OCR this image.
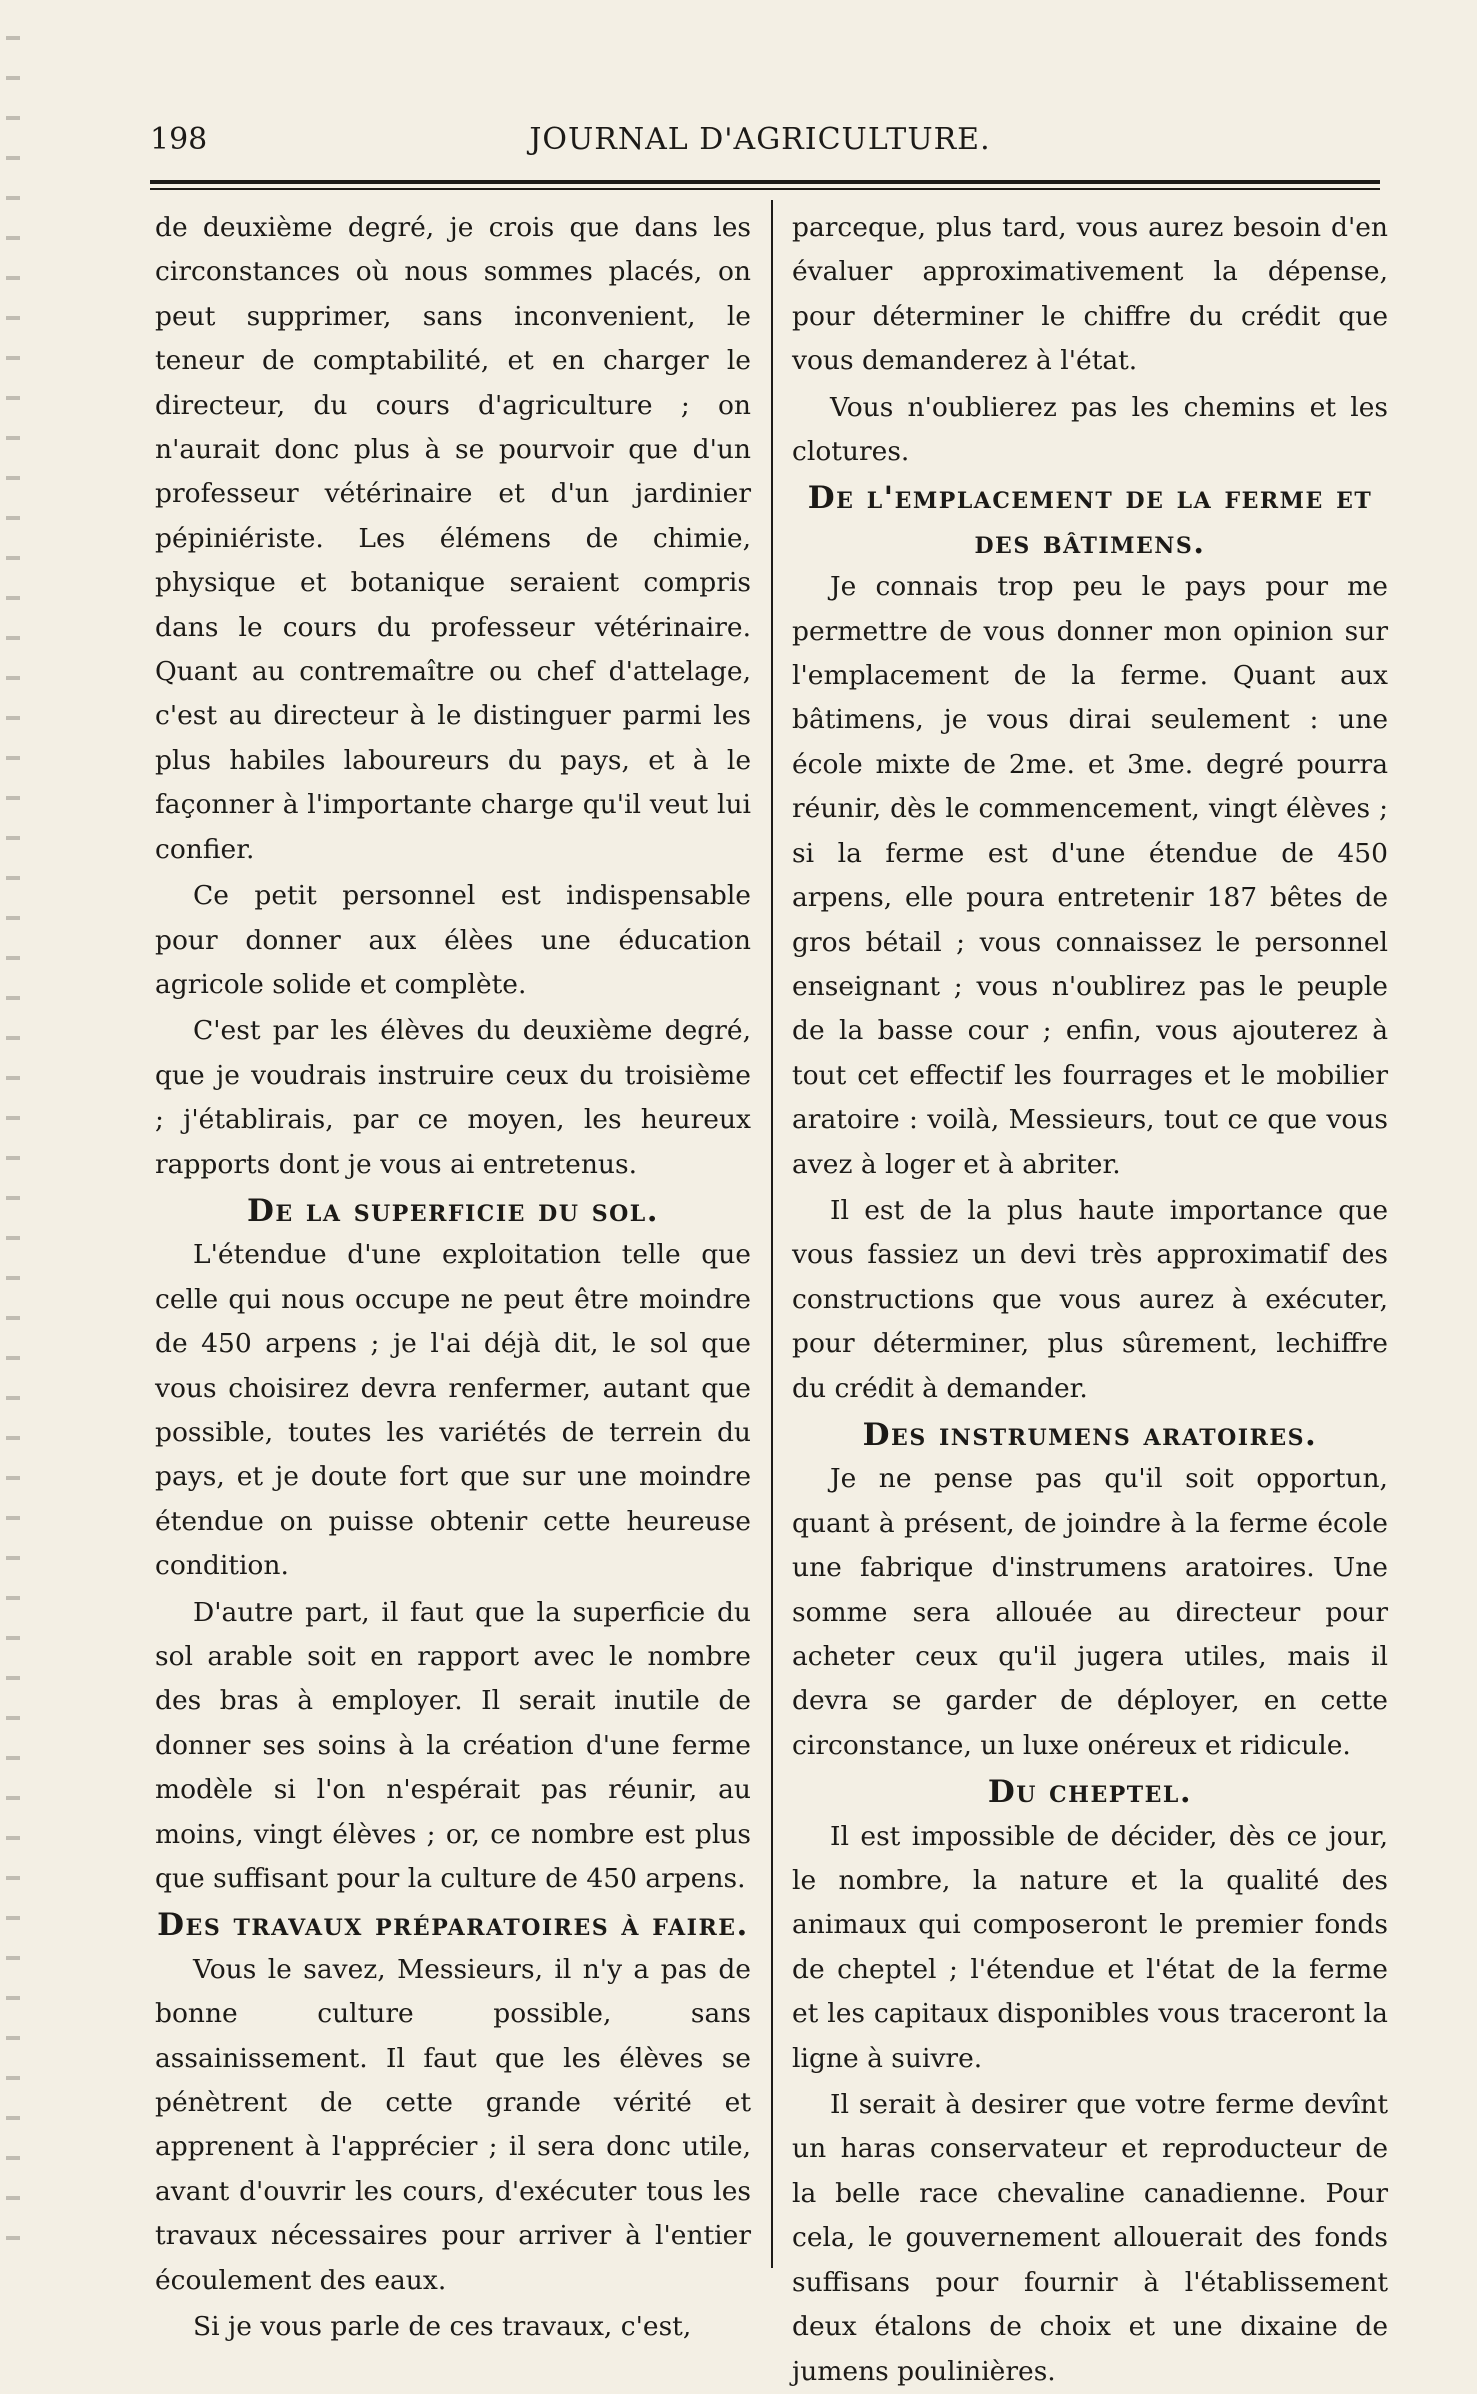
198	JOURNAL D'AGRICULTURE.

de deuxième degré, je crois que dans les circonstances où nous sommes placés, on peut supprimer, sans inconvenient, le teneur de comptabilité, et en charger le directeur, du cours d'agriculture ; on n'aurait donc plus à se pourvoir que d'un professeur vétérinaire et d'un jardinier pépiniériste. Les élémens de chimie, physique et botanique seraient compris dans le cours du professeur vétérinaire. Quant au contremaître ou chef d'attelage, c'est au directeur à le distinguer parmi les plus habiles laboureurs du pays, et à le façonner à l'importante charge qu'il veut lui confier.

Ce petit personnel est indispensable pour donner aux élèes une éducation agricole solide et complète.

C'est par les élèves du deuxième degré, que je voudrais instruire ceux du troisième ; j'établirais, par ce moyen, les heureux rapports dont je vous ai entretenus.

De la superficie du sol.

L'étendue d'une exploitation telle que celle qui nous occupe ne peut être moindre de 450 arpens ; je l'ai déjà dit, le sol que vous choisirez devra renfermer, autant que possible, toutes les variétés de terrein du pays, et je doute fort que sur une moindre étendue on puisse obtenir cette heureuse condition.

D'autre part, il faut que la superficie du sol arable soit en rapport avec le nombre des bras à employer. Il serait inutile de donner ses soins à la création d'une ferme modèle si l'on n'espérait pas réunir, au moins, vingt élèves ; or, ce nombre est plus que suffisant pour la culture de 450 arpens.

Des travaux préparatoires à faire.

Vous le savez, Messieurs, il n'y a pas de bonne culture possible, sans assainissement. Il faut que les élèves se pénètrent de cette grande vérité et apprenent à l'apprécier ; il sera donc utile, avant d'ouvrir les cours, d'exécuter tous les travaux nécessaires pour arriver à l'entier écoulement des eaux.

Si je vous parle de ces travaux, c'est,

parceque, plus tard, vous aurez besoin d'en évaluer approximativement la dépense, pour déterminer le chiffre du crédit que vous demanderez à l'état.

Vous n'oublierez pas les chemins et les clotures.

De l'emplacement de la ferme et des bâtimens.

Je connais trop peu le pays pour me permettre de vous donner mon opinion sur l'emplacement de la ferme. Quant aux bâtimens, je vous dirai seulement : une école mixte de 2me. et 3me. degré pourra réunir, dès le commencement, vingt élèves ; si la ferme est d'une étendue de 450 arpens, elle poura entretenir 187 bêtes de gros bétail ; vous connaissez le personnel enseignant ; vous n'oublirez pas le peuple de la basse cour ; enfin, vous ajouterez à tout cet effectif les fourrages et le mobilier aratoire : voilà, Messieurs, tout ce que vous avez à loger et à abriter.

Il est de la plus haute importance que vous fassiez un devi très approximatif des constructions que vous aurez à exécuter, pour déterminer, plus sûrement, lechiffre du crédit à demander.

Des instrumens aratoires.

Je ne pense pas qu'il soit opportun, quant à présent, de joindre à la ferme école une fabrique d'instrumens aratoires. Une somme sera allouée au directeur pour acheter ceux qu'il jugera utiles, mais il devra se garder de déployer, en cette circonstance, un luxe onéreux et ridicule.

Du cheptel.

Il est impossible de décider, dès ce jour, le nombre, la nature et la qualité des animaux qui composeront le premier fonds de cheptel ; l'étendue et l'état de la ferme et les capitaux disponibles vous traceront la ligne à suivre.

Il serait à desirer que votre ferme devînt un haras conservateur et reproducteur de la belle race chevaline canadienne. Pour cela, le gouvernement allouerait des fonds suffisans pour fournir à l'établissement deux étalons de choix et une dixaine de jumens poulinières.
